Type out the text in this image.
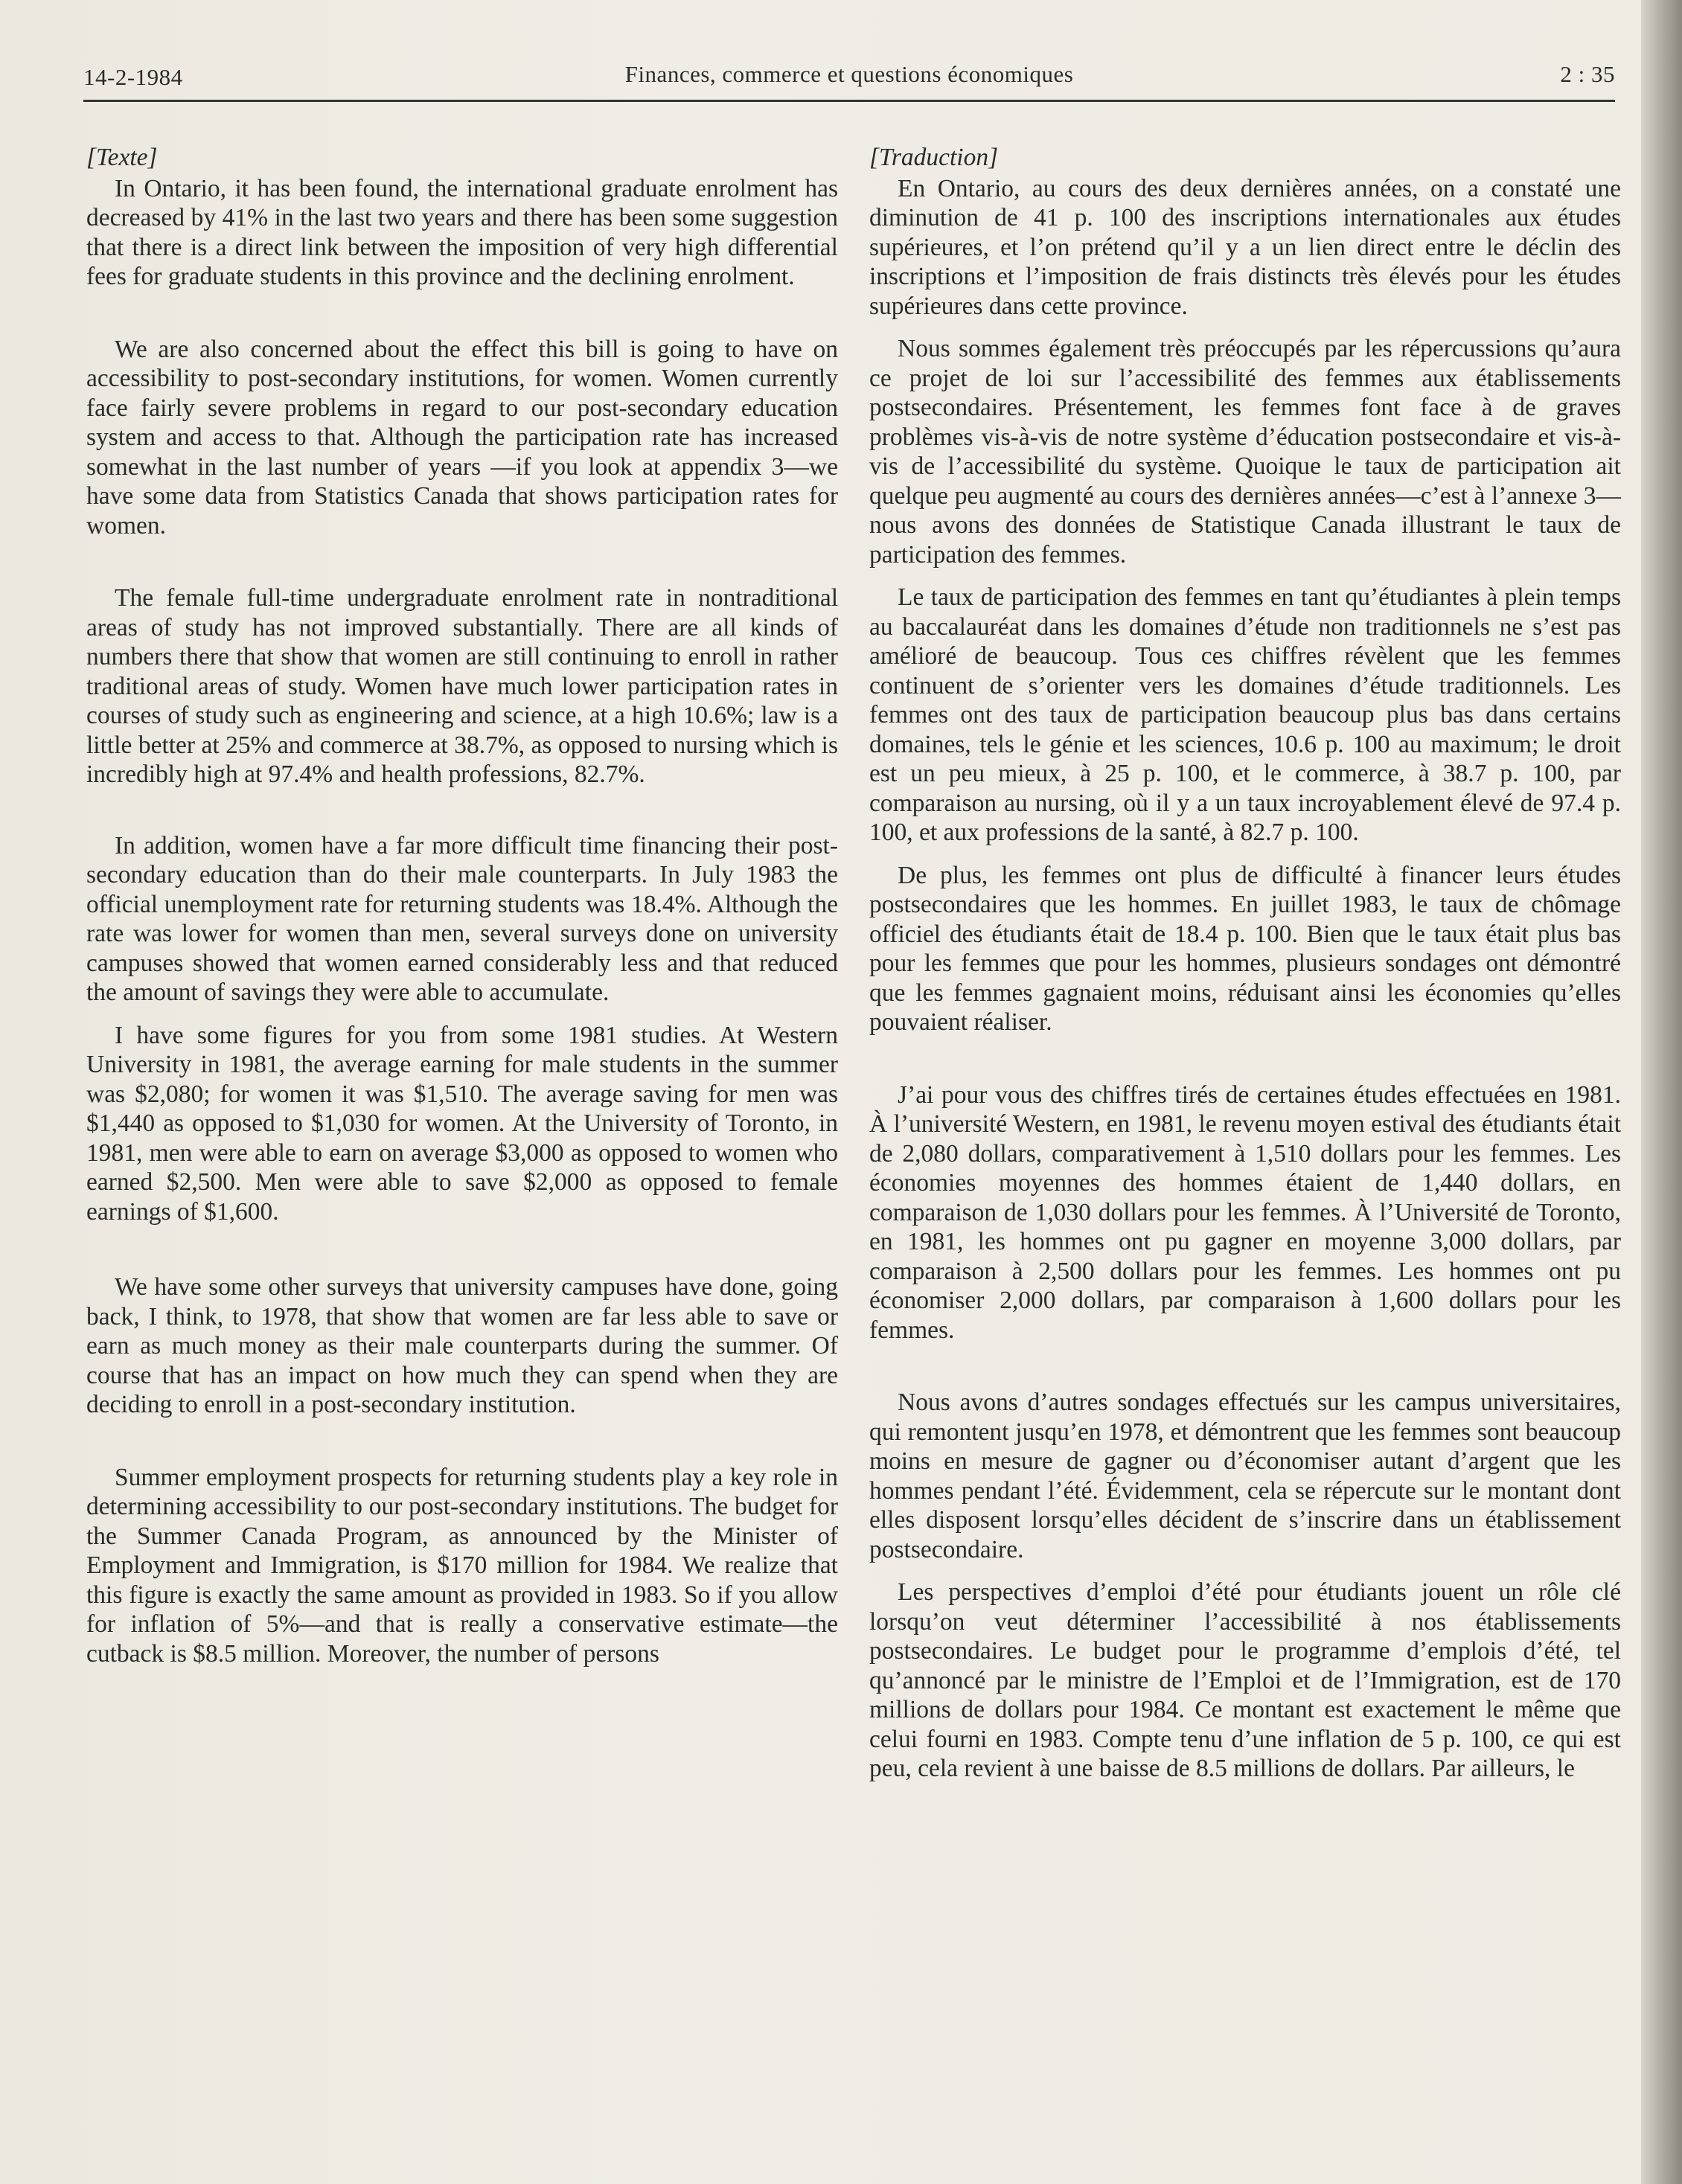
14-2-1984	Finances, commerce et questions économiques	2 : 35

[Texte]

In Ontario, it has been found, the international graduate enrolment has decreased by 41% in the last two years and there has been some suggestion that there is a direct link between the imposition of very high differential fees for graduate students in this province and the declining enrolment.

We are also concerned about the effect this bill is going to have on accessibility to post-secondary institutions, for women. Women currently face fairly severe problems in regard to our post-secondary education system and access to that. Although the participation rate has increased somewhat in the last number of years —if you look at appendix 3—we have some data from Statistics Canada that shows participation rates for women.

The female full-time undergraduate enrolment rate in nontraditional areas of study has not improved substantially. There are all kinds of numbers there that show that women are still continuing to enroll in rather traditional areas of study. Women have much lower participation rates in courses of study such as engineering and science, at a high 10.6%; law is a little better at 25% and commerce at 38.7%, as opposed to nursing which is incredibly high at 97.4% and health professions, 82.7%.

In addition, women have a far more difficult time financing their post-secondary education than do their male counterparts. In July 1983 the official unemployment rate for returning students was 18.4%. Although the rate was lower for women than men, several surveys done on university campuses showed that women earned considerably less and that reduced the amount of savings they were able to accumulate.

I have some figures for you from some 1981 studies. At Western University in 1981, the average earning for male students in the summer was $2,080; for women it was $1,510. The average saving for men was $1,440 as opposed to $1,030 for women. At the University of Toronto, in 1981, men were able to earn on average $3,000 as opposed to women who earned $2,500. Men were able to save $2,000 as opposed to female earnings of $1,600.

We have some other surveys that university campuses have done, going back, I think, to 1978, that show that women are far less able to save or earn as much money as their male counterparts during the summer. Of course that has an impact on how much they can spend when they are deciding to enroll in a post-secondary institution.

Summer employment prospects for returning students play a key role in determining accessibility to our post-secondary institutions. The budget for the Summer Canada Program, as announced by the Minister of Employment and Immigration, is $170 million for 1984. We realize that this figure is exactly the same amount as provided in 1983. So if you allow for inflation of 5%—and that is really a conservative estimate—the cutback is $8.5 million. Moreover, the number of persons

[Traduction]

En Ontario, au cours des deux dernières années, on a constaté une diminution de 41 p. 100 des inscriptions internationales aux études supérieures, et l’on prétend qu’il y a un lien direct entre le déclin des inscriptions et l’imposition de frais distincts très élevés pour les études supérieures dans cette province.

Nous sommes également très préoccupés par les répercussions qu’aura ce projet de loi sur l’accessibilité des femmes aux établissements postsecondaires. Présentement, les femmes font face à de graves problèmes vis-à-vis de notre système d’éducation postsecondaire et vis-à-vis de l’accessibilité du système. Quoique le taux de participation ait quelque peu augmenté au cours des dernières années—c’est à l’annexe 3—nous avons des données de Statistique Canada illustrant le taux de participation des femmes.

Le taux de participation des femmes en tant qu’étudiantes à plein temps au baccalauréat dans les domaines d’étude non traditionnels ne s’est pas amélioré de beaucoup. Tous ces chiffres révèlent que les femmes continuent de s’orienter vers les domaines d’étude traditionnels. Les femmes ont des taux de participation beaucoup plus bas dans certains domaines, tels le génie et les sciences, 10.6 p. 100 au maximum; le droit est un peu mieux, à 25 p. 100, et le commerce, à 38.7 p. 100, par comparaison au nursing, où il y a un taux incroyablement élevé de 97.4 p. 100, et aux professions de la santé, à 82.7 p. 100.

De plus, les femmes ont plus de difficulté à financer leurs études postsecondaires que les hommes. En juillet 1983, le taux de chômage officiel des étudiants était de 18.4 p. 100. Bien que le taux était plus bas pour les femmes que pour les hommes, plusieurs sondages ont démontré que les femmes gagnaient moins, réduisant ainsi les économies qu’elles pouvaient réaliser.

J’ai pour vous des chiffres tirés de certaines études effectuées en 1981. À l’université Western, en 1981, le revenu moyen estival des étudiants était de 2,080 dollars, comparativement à 1,510 dollars pour les femmes. Les économies moyennes des hommes étaient de 1,440 dollars, en comparaison de 1,030 dollars pour les femmes. À l’Université de Toronto, en 1981, les hommes ont pu gagner en moyenne 3,000 dollars, par comparaison à 2,500 dollars pour les femmes. Les hommes ont pu économiser 2,000 dollars, par comparaison à 1,600 dollars pour les femmes.

Nous avons d’autres sondages effectués sur les campus universitaires, qui remontent jusqu’en 1978, et démontrent que les femmes sont beaucoup moins en mesure de gagner ou d’économiser autant d’argent que les hommes pendant l’été. Évidemment, cela se répercute sur le montant dont elles disposent lorsqu’elles décident de s’inscrire dans un établissement postsecondaire.

Les perspectives d’emploi d’été pour étudiants jouent un rôle clé lorsqu’on veut déterminer l’accessibilité à nos établissements postsecondaires. Le budget pour le programme d’emplois d’été, tel qu’annoncé par le ministre de l’Emploi et de l’Immigration, est de 170 millions de dollars pour 1984. Ce montant est exactement le même que celui fourni en 1983. Compte tenu d’une inflation de 5 p. 100, ce qui est peu, cela revient à une baisse de 8.5 millions de dollars. Par ailleurs, le
